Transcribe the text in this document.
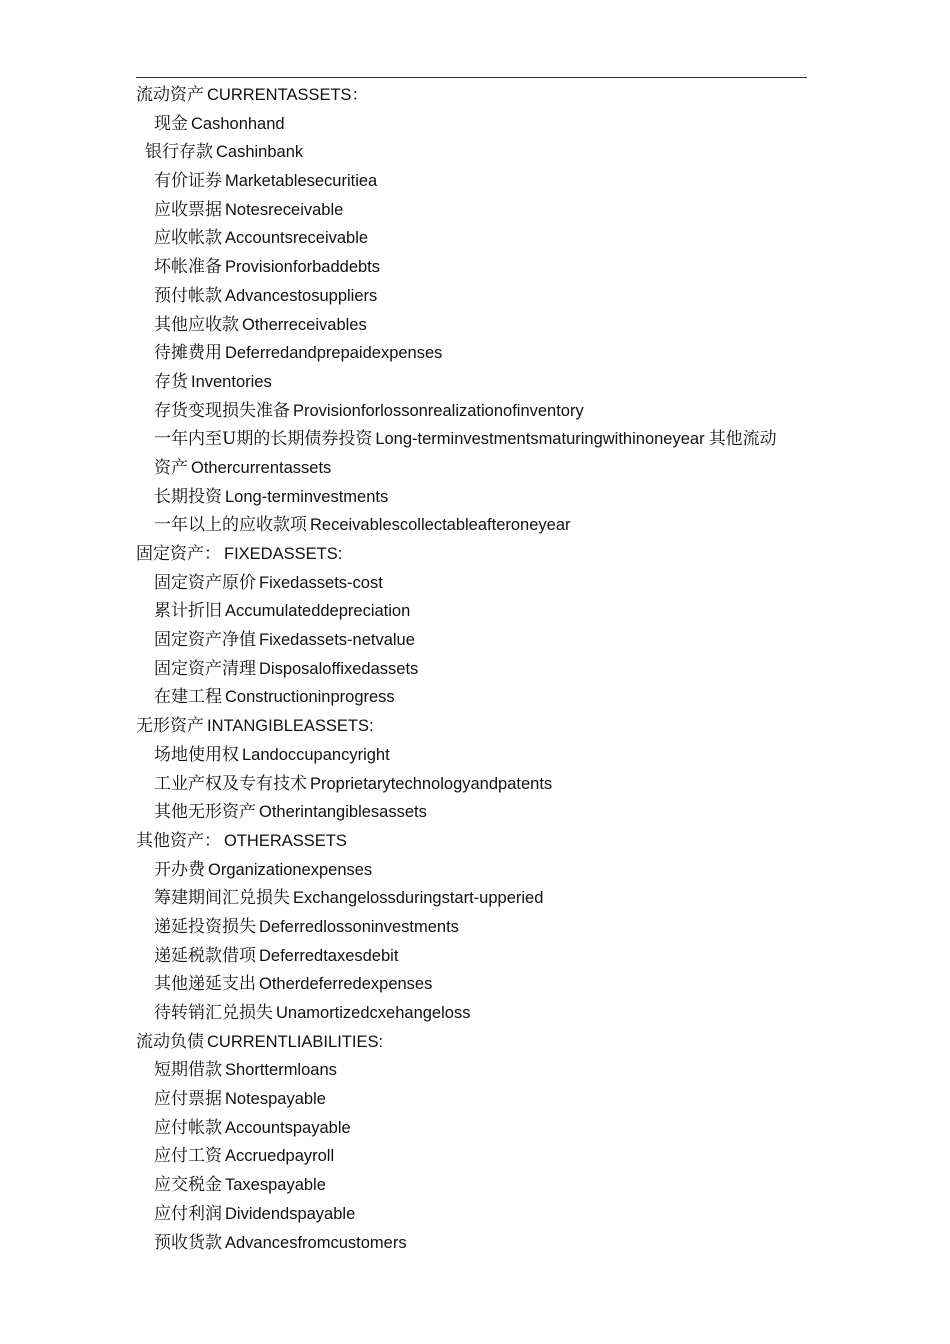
流动资产 CURRENTASSETS：
现金 Cashonhand
银行存款 Cashinbank
有价证券 Marketablesecuritiea
应收票据 Notesreceivable
应收帐款 Accountsreceivable
坏帐准备 Provisionforbaddebts
预付帐款 Advancestosuppliers
其他应收款 Otherreceivables
待摊费用 Deferredandprepaidexpenses
存货 Inventories
存货变现损失准备 Provisionforlossonrealizationofinventory
一年内至U期的长期债券投资 Long-terminvestmentsmaturingwithinoneyear 其他流动
资产 Othercurrentassets
长期投资 Long-terminvestments
一年以上的应收款项 Receivablescollectableafteroneyear
固定资产： FIXEDASSETS:
固定资产原价 Fixedassets-cost
累计折旧 Accumulateddepreciation
固定资产净值 Fixedassets-netvalue
固定资产清理 Disposaloffixedassets
在建工程 Constructioninprogress
无形资产 INTANGIBLEASSETS:
场地使用权 Landoccupancyright
工业产权及专有技术 Proprietarytechnologyandpatents
其他无形资产 Otherintangiblesassets
其他资产： OTHERASSETS
开办费 Organizationexpenses
筹建期间汇兑损失 Exchangelossduringstart-upperied
递延投资损失 Deferredlossoninvestments
递延税款借项 Deferredtaxesdebit
其他递延支出 Otherdeferredexpenses
待转销汇兑损失 Unamortizedcxehangeloss
流动负债 CURRENTLIABILITIES:
短期借款 Shorttermloans
应付票据 Notespayable
应付帐款 Accountspayable
应付工资 Accruedpayroll
应交税金 Taxespayable
应付利润 Dividendspayable
预收货款 Advancesfromcustomers
